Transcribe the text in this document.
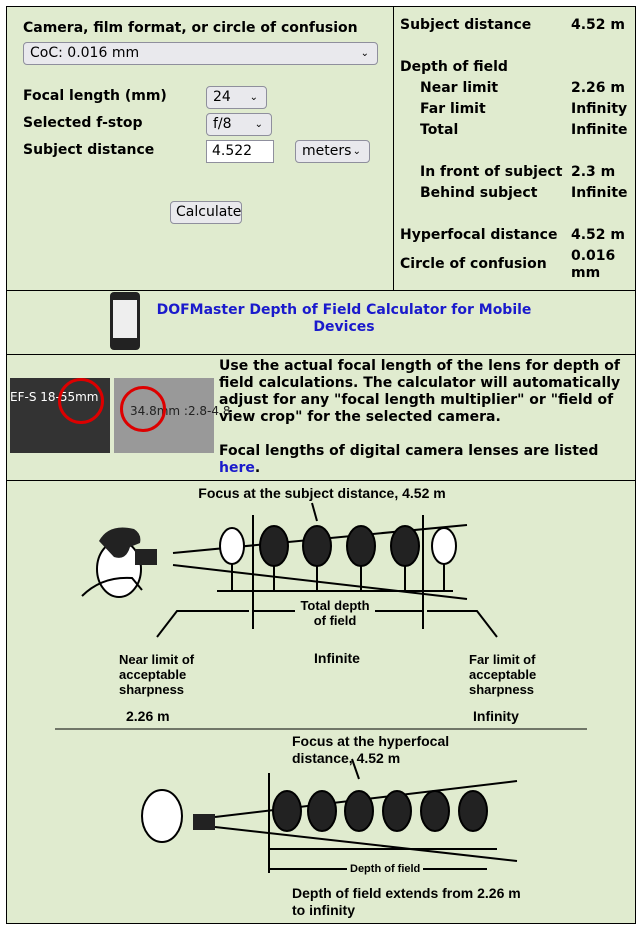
Camera, film format, or circle of confusion
CoC: 0.016 mm	⌄
Focal length (mm)	24 ⌄
Selected f-stop	f/8 ⌄
Subject distance	4.522	meters ⌄
Calculate
Subject distance	4.52 m
Depth of field
Near limit	2.26 m
Far limit	Infinity
Total	Infinite
In front of subject 2.3 m
Behind subject Infinite
Hyperfocal distance 4.52 m
Circle of confusion 0.016 mm
DOFMaster Depth of Field Calculator for Mobile Devices
EF-S 18-55mm
34.8mm :2.8-4.8
Use the actual focal length of the lens for depth of field calculations. The calculator will automatically adjust for any "focal length multiplier" or "field of view crop" for the selected camera.
Focal lengths of digital camera lenses are listed here.
Focus at the subject distance, 4.52 m
Total depth of field
Infinite
Near limit of acceptable sharpness
Far limit of acceptable sharpness
2.26 m	Infinity
Focus at the hyperfocal distance, 4.52 m
Depth of field
Depth of field extends from 2.26 m to infinity
